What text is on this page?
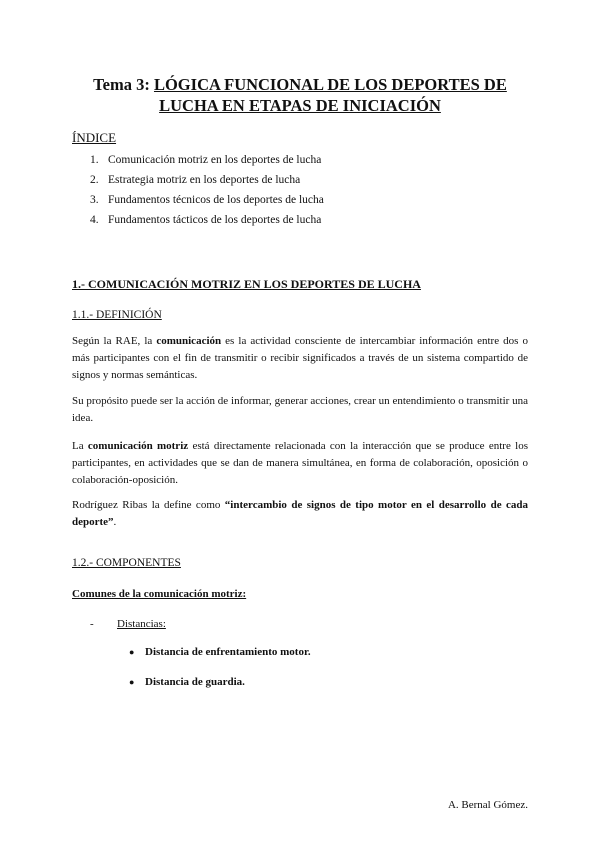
Tema 3: LÓGICA FUNCIONAL DE LOS DEPORTES DE
LUCHA EN ETAPAS DE INICIACIÓN
ÍNDICE
1. Comunicación motriz en los deportes de lucha
2. Estrategia motriz en los deportes de lucha
3. Fundamentos técnicos de los deportes de lucha
4. Fundamentos tácticos de los deportes de lucha
1.- COMUNICACIÓN MOTRIZ EN LOS DEPORTES DE LUCHA
1.1.- DEFINICIÓN

Según la RAE, la comunicación es la actividad consciente de intercambiar información entre dos o más participantes con el fin de transmitir o recibir significados a través de un sistema compartido de signos y normas semánticas.

Su propósito puede ser la acción de informar, generar acciones, crear un entendimiento o transmitir una idea.

La comunicación motriz está directamente relacionada con la interacción que se produce entre los participantes, en actividades que se dan de manera simultánea, en forma de colaboración, oposición o colaboración-oposición.

Rodríguez Ribas la define como “intercambio de signos de tipo motor en el desarrollo de cada deporte”.

1.2.- COMPONENTES
Comunes de la comunicación motriz:
-	Distancias:
● Distancia de enfrentamiento motor.
● Distancia de guardia.
A. Bernal Gómez.
